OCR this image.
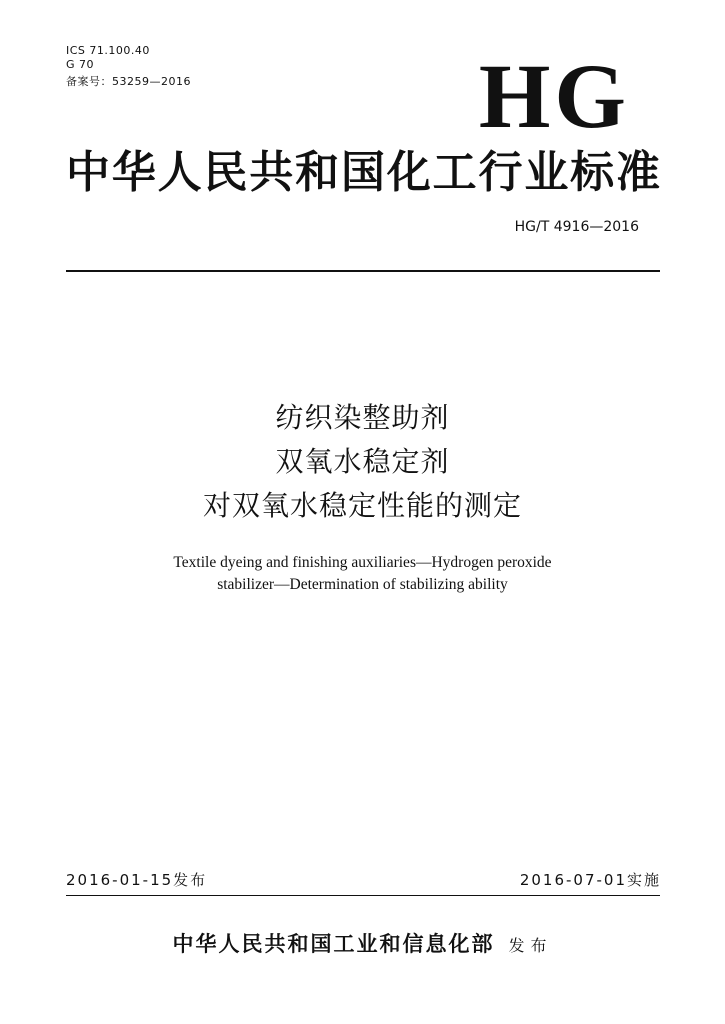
ICS 71.100.40
G 70
备案号：53259—2016	HG
中华人民共和国化工行业标准
HG/T 4916—2016
纺织染整助剂
双氧水稳定剂
对双氧水稳定性能的测定
Textile dyeing and finishing auxiliaries—Hydrogen peroxide
stabilizer—Determination of stabilizing ability
2016-01-15发布	2016-07-01实施
中华人民共和国工业和信息化部 发布
